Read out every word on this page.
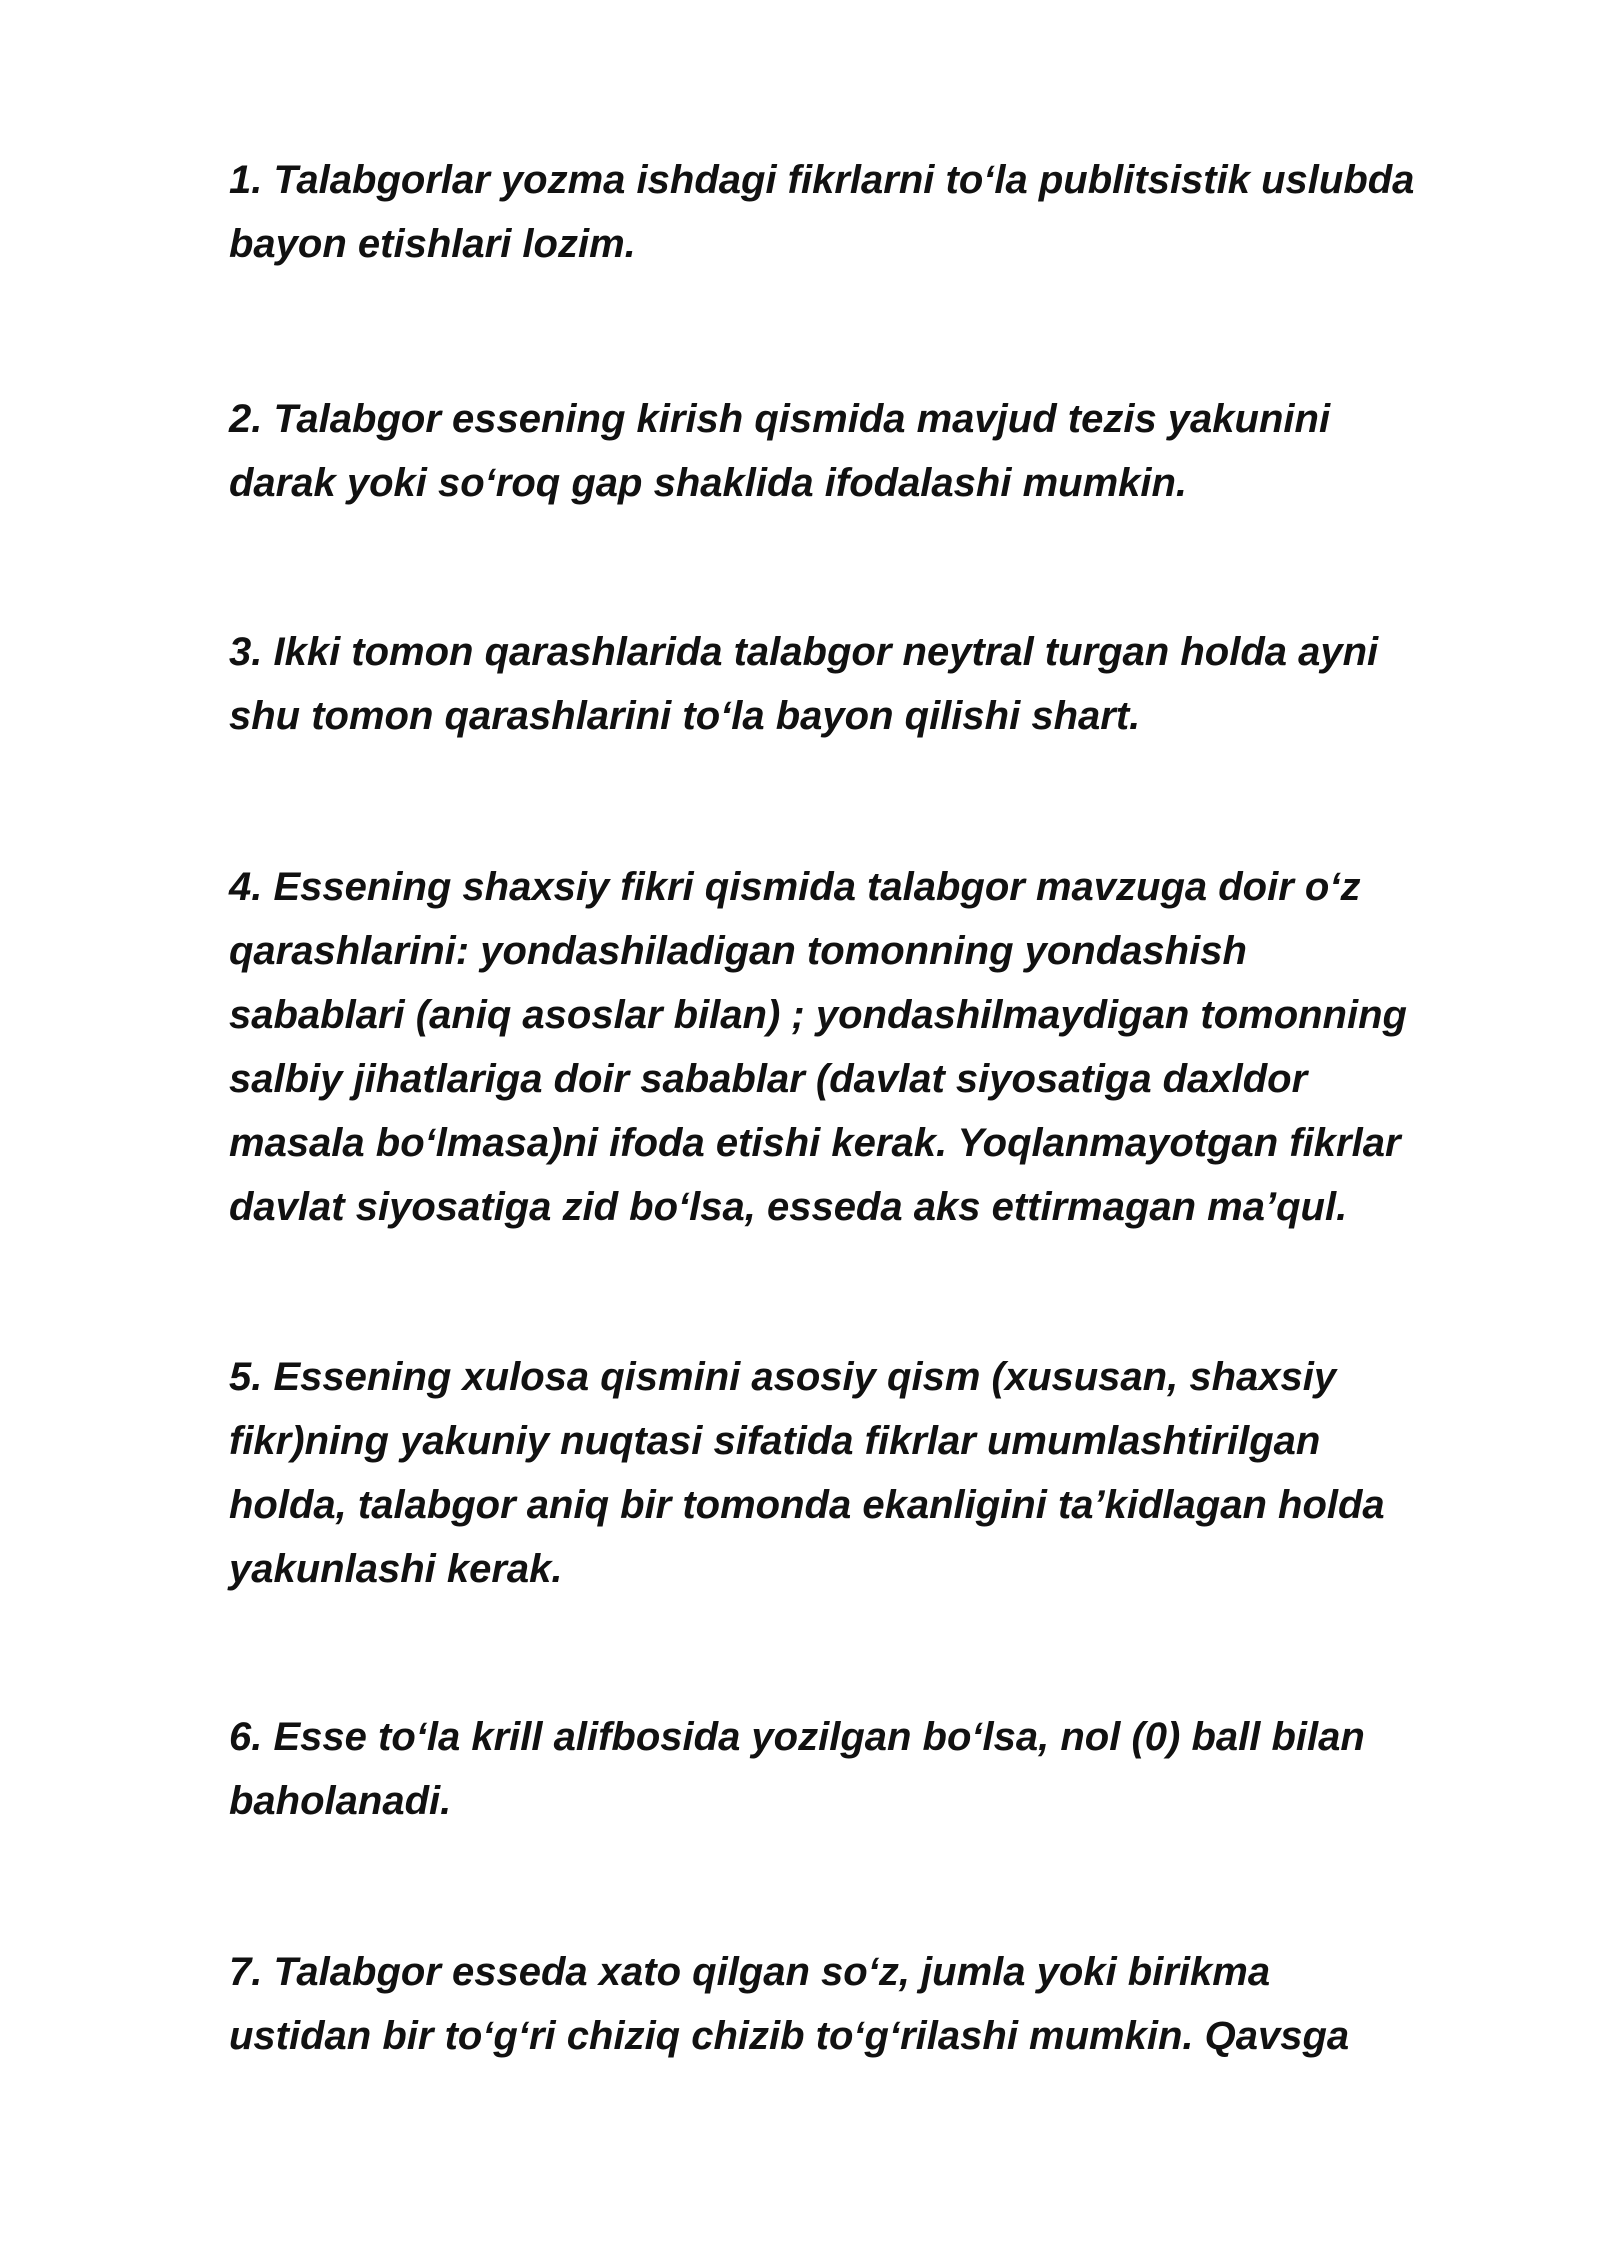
1. Talabgorlar yozma ishdagi fikrlarni to‘la publitsistik uslubda
bayon etishlari lozim.

2. Talabgor essening kirish qismida mavjud tezis yakunini
darak yoki so‘roq gap shaklida ifodalashi mumkin.

3. Ikki tomon qarashlarida talabgor neytral turgan holda ayni
shu tomon qarashlarini to‘la bayon qilishi shart.

4. Essening shaxsiy fikri qismida talabgor mavzuga doir o‘z
qarashlarini: yondashiladigan tomonning yondashish
sabablari (aniq asoslar bilan) ; yondashilmaydigan tomonning
salbiy jihatlariga doir sabablar (davlat siyosatiga daxldor
masala bo‘lmasa)ni ifoda etishi kerak. Yoqlanmayotgan fikrlar
davlat siyosatiga zid bo‘lsa, esseda aks ettirmagan ma’qul.

5. Essening xulosa qismini asosiy qism (xususan, shaxsiy
fikr)ning yakuniy nuqtasi sifatida fikrlar umumlashtirilgan
holda, talabgor aniq bir tomonda ekanligini ta’kidlagan holda
yakunlashi kerak.

6. Esse to‘la krill alifbosida yozilgan bo‘lsa, nol (0) ball bilan
baholanadi.

7. Talabgor esseda xato qilgan so‘z, jumla yoki birikma
ustidan bir to‘g‘ri chiziq chizib to‘g‘rilashi mumkin. Qavsga
